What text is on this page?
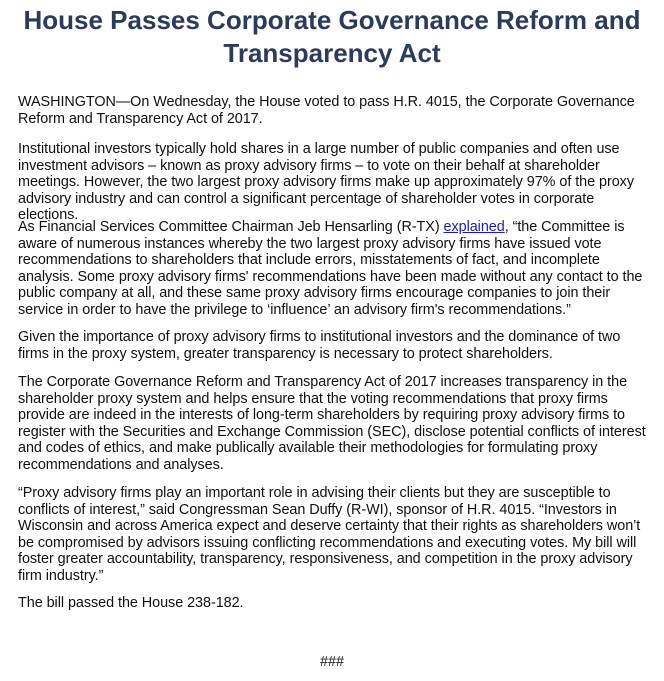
House Passes Corporate Governance Reform and Transparency Act

WASHINGTON—On Wednesday, the House voted to pass H.R. 4015, the Corporate Governance Reform and Transparency Act of 2017.

Institutional investors typically hold shares in a large number of public companies and often use investment advisors – known as proxy advisory firms – to vote on their behalf at shareholder meetings. However, the two largest proxy advisory firms make up approximately 97% of the proxy advisory industry and can control a significant percentage of shareholder votes in corporate elections.

As Financial Services Committee Chairman Jeb Hensarling (R-TX) explained, “the Committee is aware of numerous instances whereby the two largest proxy advisory firms have issued vote recommendations to shareholders that include errors, misstatements of fact, and incomplete analysis. Some proxy advisory firms' recommendations have been made without any contact to the public company at all, and these same proxy advisory firms encourage companies to join their service in order to have the privilege to ‘influence’ an advisory firm's recommendations.”

Given the importance of proxy advisory firms to institutional investors and the dominance of two firms in the proxy system, greater transparency is necessary to protect shareholders.

The Corporate Governance Reform and Transparency Act of 2017 increases transparency in the shareholder proxy system and helps ensure that the voting recommendations that proxy firms provide are indeed in the interests of long-term shareholders by requiring proxy advisory firms to register with the Securities and Exchange Commission (SEC), disclose potential conflicts of interest and codes of ethics, and make publically available their methodologies for formulating proxy recommendations and analyses.

“Proxy advisory firms play an important role in advising their clients but they are susceptible to conflicts of interest,” said Congressman Sean Duffy (R-WI), sponsor of H.R. 4015. “Investors in Wisconsin and across America expect and deserve certainty that their rights as shareholders won’t be compromised by advisors issuing conflicting recommendations and executing votes. My bill will foster greater accountability, transparency, responsiveness, and competition in the proxy advisory firm industry.”

The bill passed the House 238-182.

###
